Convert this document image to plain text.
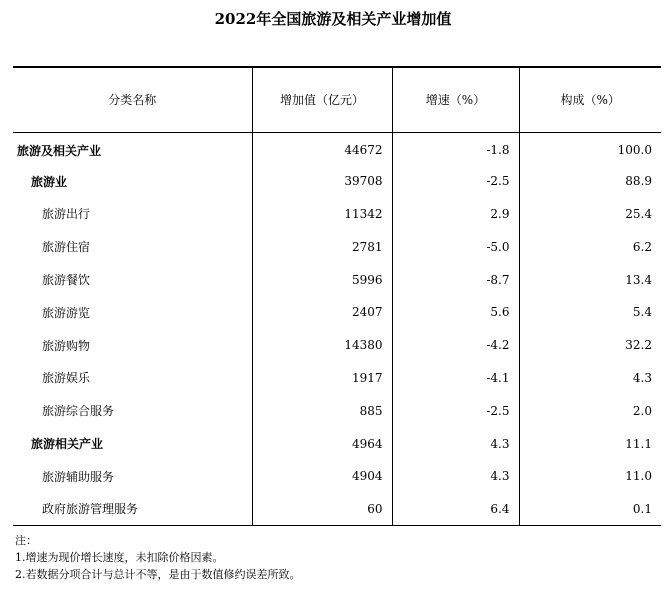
2022年全国旅游及相关产业增加值
分类名称	增加值（亿元）	增速（%）	构成（%）
旅游及相关产业	44672	-1.8	100.0
旅游业	39708	-2.5	88.9
旅游出行	11342	2.9	25.4
旅游住宿	2781	-5.0	6.2
旅游餐饮	5996	-8.7	13.4
旅游游览	2407	5.6	5.4
旅游购物	14380	-4.2	32.2
旅游娱乐	1917	-4.1	4.3
旅游综合服务	885	-2.5	2.0
旅游相关产业	4964	4.3	11.1
旅游辅助服务	4904	4.3	11.0
政府旅游管理服务	60	6.4	0.1
注：
1.增速为现价增长速度，未扣除价格因素。
2.若数据分项合计与总计不等，是由于数值修约误差所致。
